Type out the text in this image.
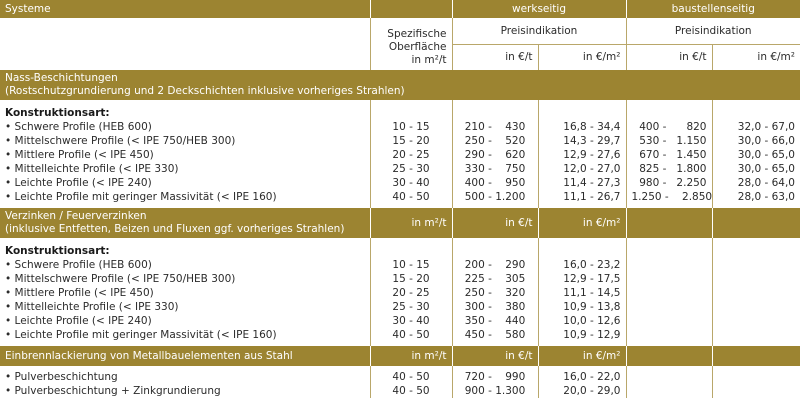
Systeme		werkseitig		baustellenseitig	
	Spezifische
Oberfläche
in m²/t	Preisindikation		Preisindikation	
		in €/t	in €/m²	in €/t	in €/m²
Nass-Beschichtungen
(Rostschutzgrundierung und 2 Deckschichten inklusive vorheriges Strahlen)					

Konstruktionsart:					
• Schwere Profile (HEB 600)	10 - 15	210 -    430	16,8 - 34,4	400 -      820	32,0 - 67,0
• Mittelschwere Profile (< IPE 750/HEB 300)	15 - 20	250 -    520	14,3 - 29,7	530 -   1.150	30,0 - 66,0
• Mittlere Profile (< IPE 450)	20 - 25	290 -    620	12,9 - 27,6	670 -   1.450	30,0 - 65,0
• Mittelleichte Profile (< IPE 330)	25 - 30	330 -    750	12,0 - 27,0	825 -   1.800	30,0 - 65,0
• Leichte Profile (< IPE 240)	30 - 40	400 -    950	11,4 - 27,3	980 -   2.250	28,0 - 64,0
• Leichte Profile mit geringer Massivität (< IPE 160)	40 - 50	500 - 1.200	11,1 - 26,7	1.250 -    2.850	28,0 - 63,0

Verzinken / Feuerverzinken
(inklusive Entfetten, Beizen und Fluxen ggf. vorheriges Strahlen)	in m²/t	in €/t	in €/m²		

Konstruktionsart:					
• Schwere Profile (HEB 600)	10 - 15	200 -    290	16,0 - 23,2		
• Mittelschwere Profile (< IPE 750/HEB 300)	15 - 20	225 -    305	12,9 - 17,5		
• Mittlere Profile (< IPE 450)	20 - 25	250 -    320	11,1 - 14,5		
• Mittelleichte Profile (< IPE 330)	25 - 30	300 -    380	10,9 - 13,8		
• Leichte Profile (< IPE 240)	30 - 40	350 -    440	10,0 - 12,6		
• Leichte Profile mit geringer Massivität (< IPE 160)	40 - 50	450 -    580	10,9 - 12,9		

Einbrennlackierung von Metallbauelementen aus Stahl	in m²/t	in €/t	in €/m²		

• Pulverbeschichtung	40 - 50	720 -    990	16,0 - 22,0		
• Pulverbeschichtung + Zinkgrundierung	40 - 50	900 - 1.300	20,0 - 29,0		
